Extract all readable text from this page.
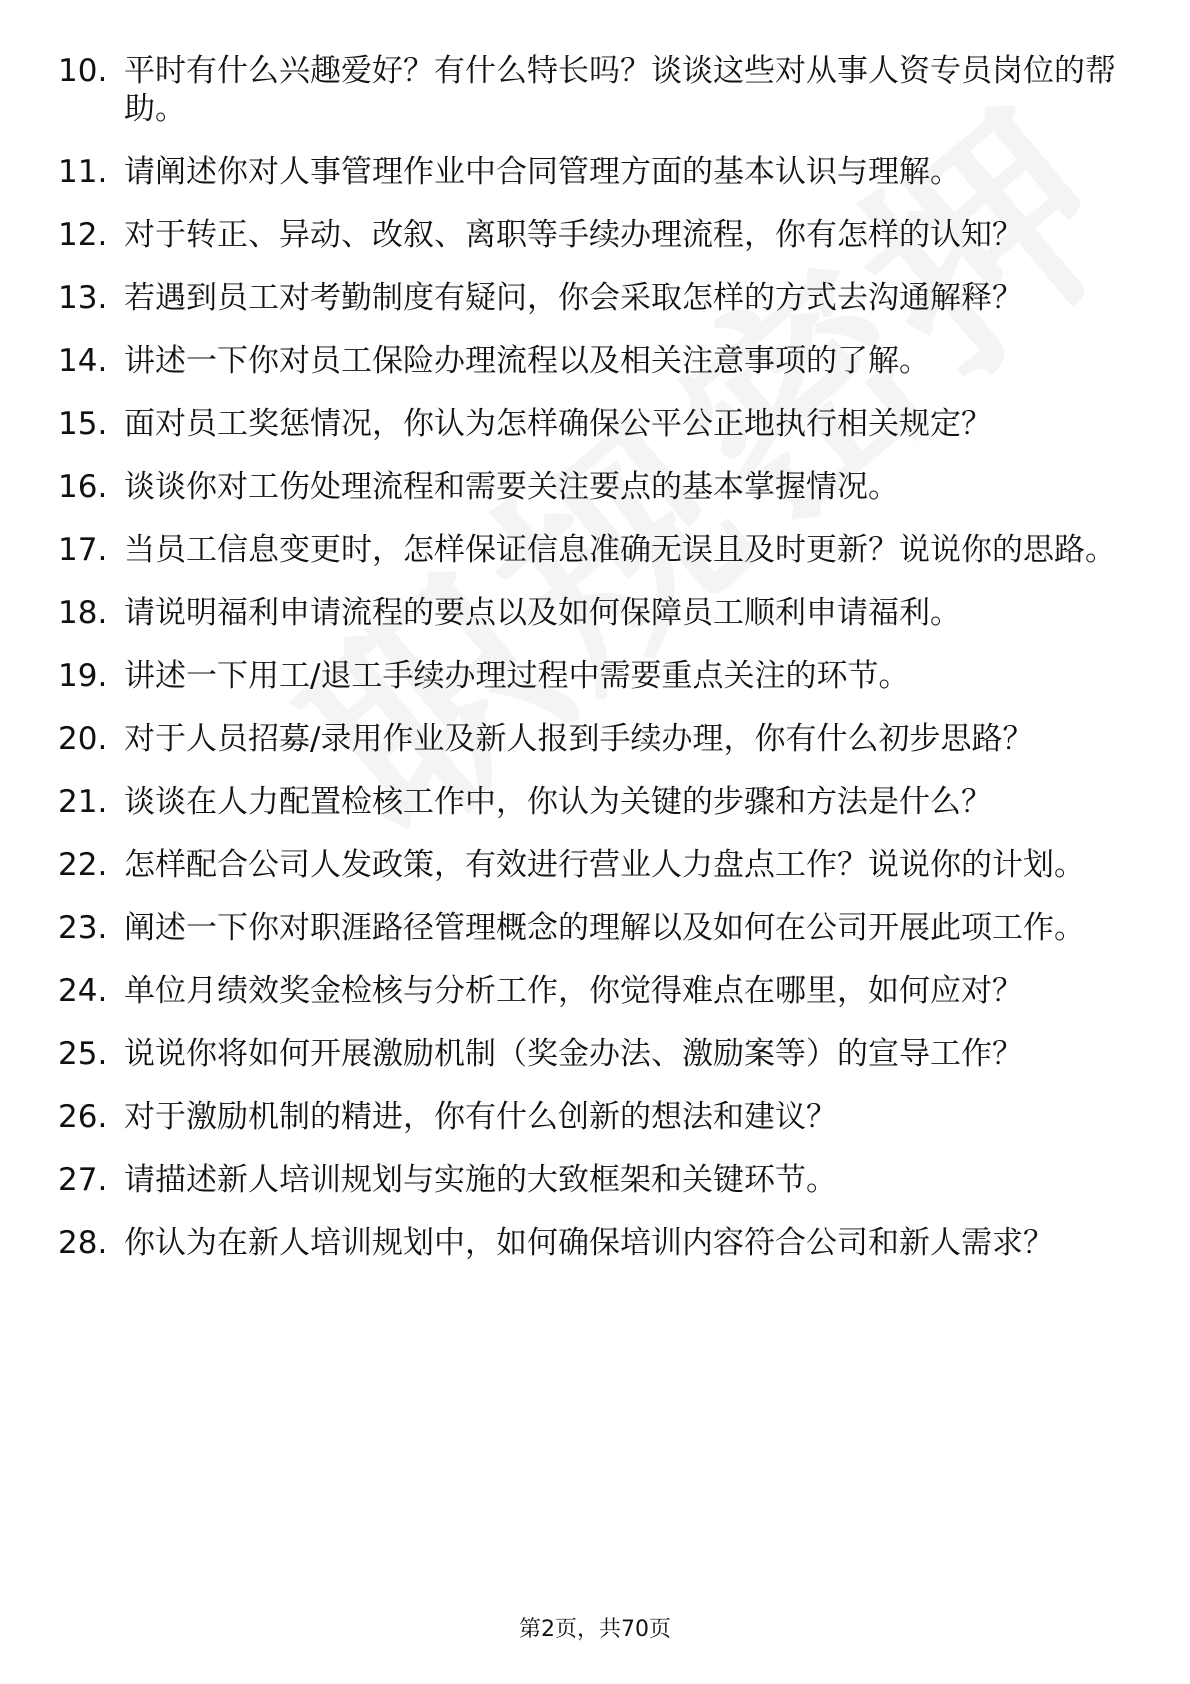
10. 平时有什么兴趣爱好？有什么特长吗？谈谈这些对从事人资专员岗位的帮助。
11. 请阐述你对人事管理作业中合同管理方面的基本认识与理解。
12. 对于转正、异动、改叙、离职等手续办理流程，你有怎样的认知？
13. 若遇到员工对考勤制度有疑问，你会采取怎样的方式去沟通解释？
14. 讲述一下你对员工保险办理流程以及相关注意事项的了解。
15. 面对员工奖惩情况，你认为怎样确保公平公正地执行相关规定？
16. 谈谈你对工伤处理流程和需要关注要点的基本掌握情况。
17. 当员工信息变更时，怎样保证信息准确无误且及时更新？说说你的思路。
18. 请说明福利申请流程的要点以及如何保障员工顺利申请福利。
19. 讲述一下用工/退工手续办理过程中需要重点关注的环节。
20. 对于人员招募/录用作业及新人报到手续办理，你有什么初步思路？
21. 谈谈在人力配置检核工作中，你认为关键的步骤和方法是什么？
22. 怎样配合公司人发政策，有效进行营业人力盘点工作？说说你的计划。
23. 阐述一下你对职涯路径管理概念的理解以及如何在公司开展此项工作。
24. 单位月绩效奖金检核与分析工作，你觉得难点在哪里，如何应对？
25. 说说你将如何开展激励机制（奖金办法、激励案等）的宣导工作？
26. 对于激励机制的精进，你有什么创新的想法和建议？
27. 请描述新人培训规划与实施的大致框架和关键环节。
28. 你认为在新人培训规划中，如何确保培训内容符合公司和新人需求？
第2页，共70页
